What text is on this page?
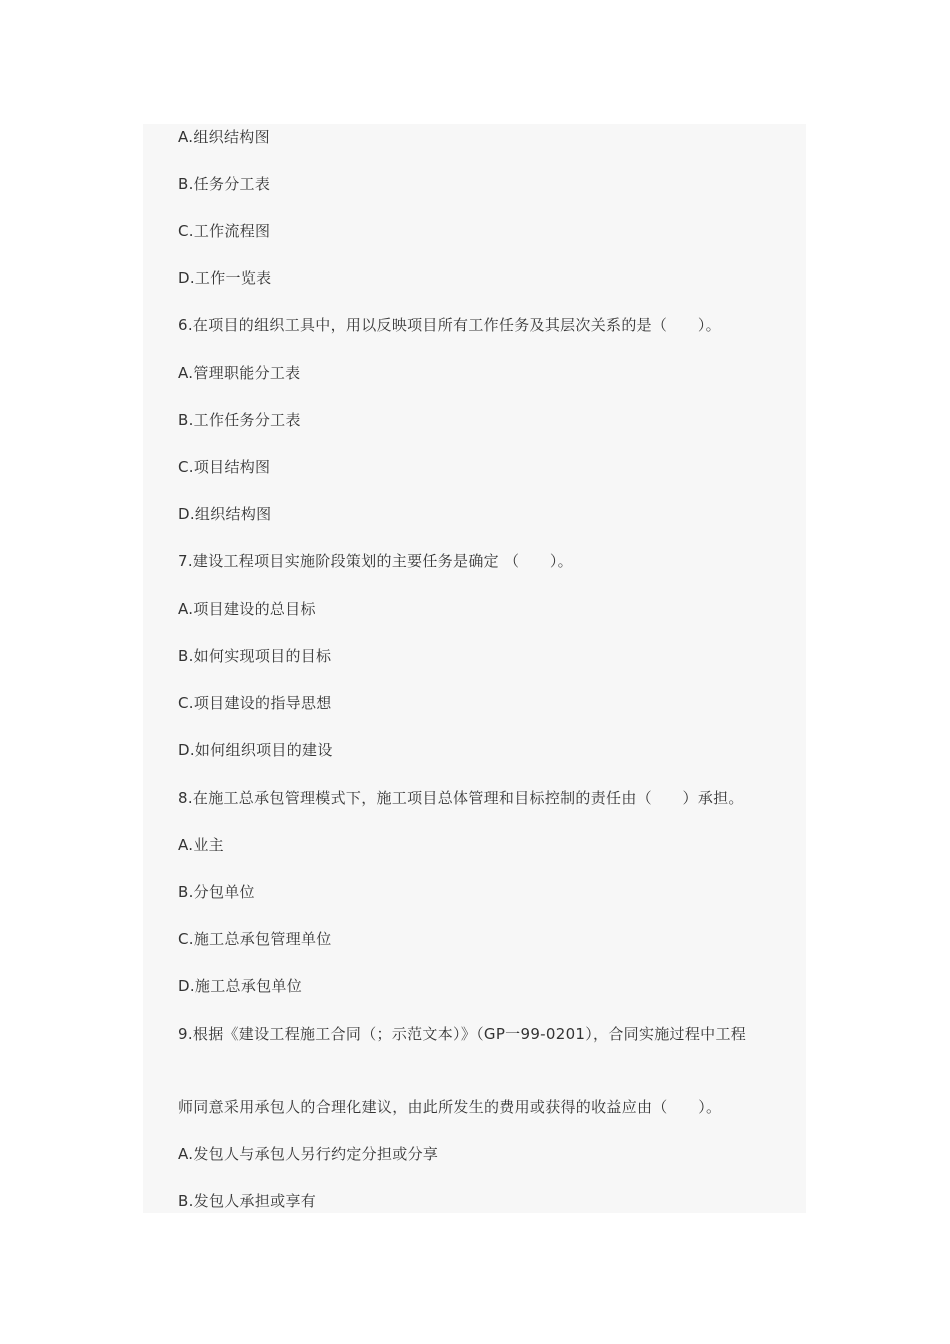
A.组织结构图
B.任务分工表
C.工作流程图
D.工作一览表
6.在项目的组织工具中，用以反映项目所有工作任务及其层次关系的是（　　）。
A.管理职能分工表
B.工作任务分工表
C.项目结构图
D.组织结构图
7.建设工程项目实施阶段策划的主要任务是确定 （　　）。
A.项目建设的总目标
B.如何实现项目的目标
C.项目建设的指导思想
D.如何组织项目的建设
8.在施工总承包管理模式下，施工项目总体管理和目标控制的责任由（　　）承担。
A.业主
B.分包单位
C.施工总承包管理单位
D.施工总承包单位
9.根据《建设工程施工合同（；示范文本）》（GP一99-0201），合同实施过程中工程
师同意采用承包人的合理化建议，由此所发生的费用或获得的收益应由（　　）。
A.发包人与承包人另行约定分担或分享
B.发包人承担或享有
